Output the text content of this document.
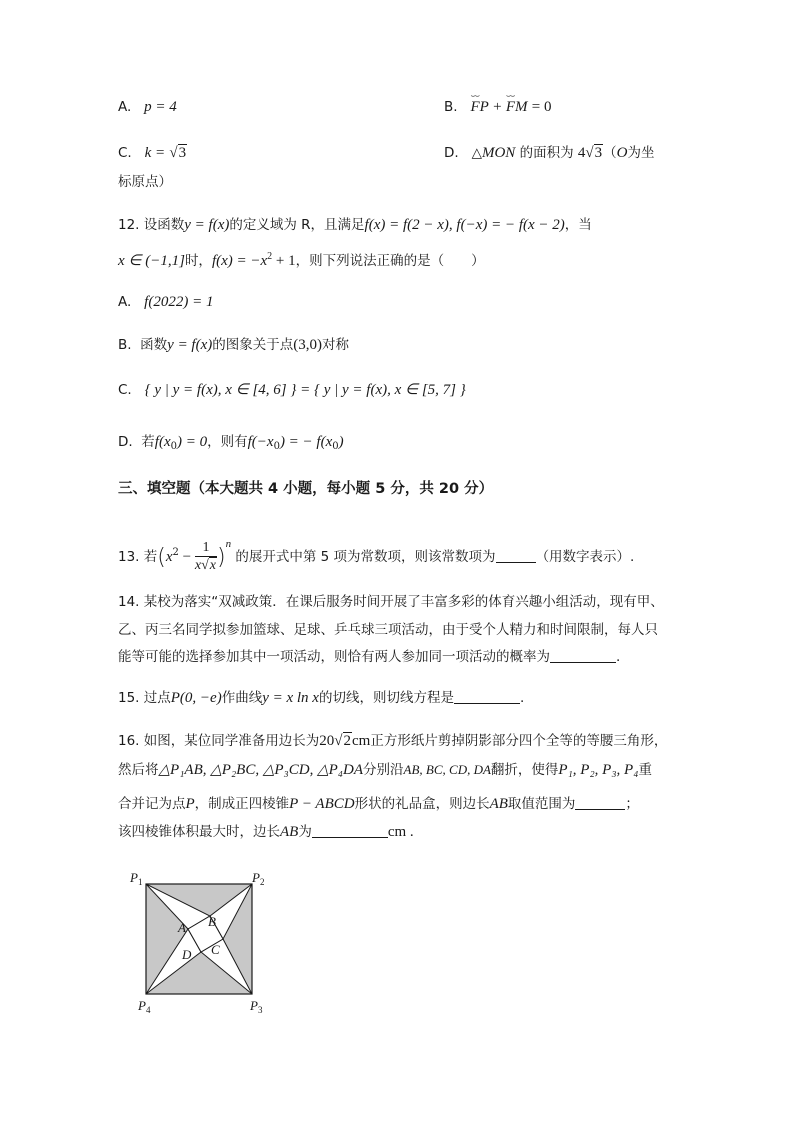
A. p = 4	B. ⌣⌣ FP + ⌣⌣ FM = 0
C. k = √3	D. △MON 的面积为 4√3（O为坐
标原点）
12. 设函数y = f(x)的定义域为 R，且满足f(x) = f(2 − x), f(−x) = − f(x − 2)，当
x ∈ (−1,1]时，$f(x) = -x^2 + 1$，则下列说法正确的是（　　）
A. f(2022) = 1
B. 函数y = f(x)的图象关于点(3,0)对称
C. { y | y = f(x), x ∈ [4, 6] } = { y | y = f(x), x ∈ [5, 7] }
D. 若$f(x_0) = 0$，则有$f(-x_0)$ = − $f(x_0)$
三、填空题（本大题共 4 小题，每小题 5 分，共 20 分）
13. 若$(x^2 - \frac{1}{x√x} )^n$ 的展开式中第 5 项为常数项，则该常数项为	（用数字表示）.
14. 某校为落实“双减政策．在课后服务时间开展了丰富多彩的体育兴趣小组活动，现有甲、
乙、丙三名同学拟参加篮球、足球、乒乓球三项活动，由于受个人精力和时间限制，每人只
能等可能的选择参加其中一项活动，则恰有两人参加同一项活动的概率为	.
15. 过点P(0, −e)作曲线y = x ln x的切线，则切线方程是	.
16. 如图，某位同学准备用边长为20√2cm正方形纸片剪掉阴影部分四个全等的等腰三角形，
然后将△P₁AB, △P₂BC, △P₃CD, △P₄DA分别沿AB, BC, CD, DA翻折，使得P₁, P₂, P₃, P₄重
合并记为点P，制成正四棱锥P − ABCD形状的礼品盒，则边长AB取值范围为	；
该四棱锥体积最大时，边长AB为	cm .
$P_1$	$P_2$
$P_3$
$P_4$
A B
C
D
